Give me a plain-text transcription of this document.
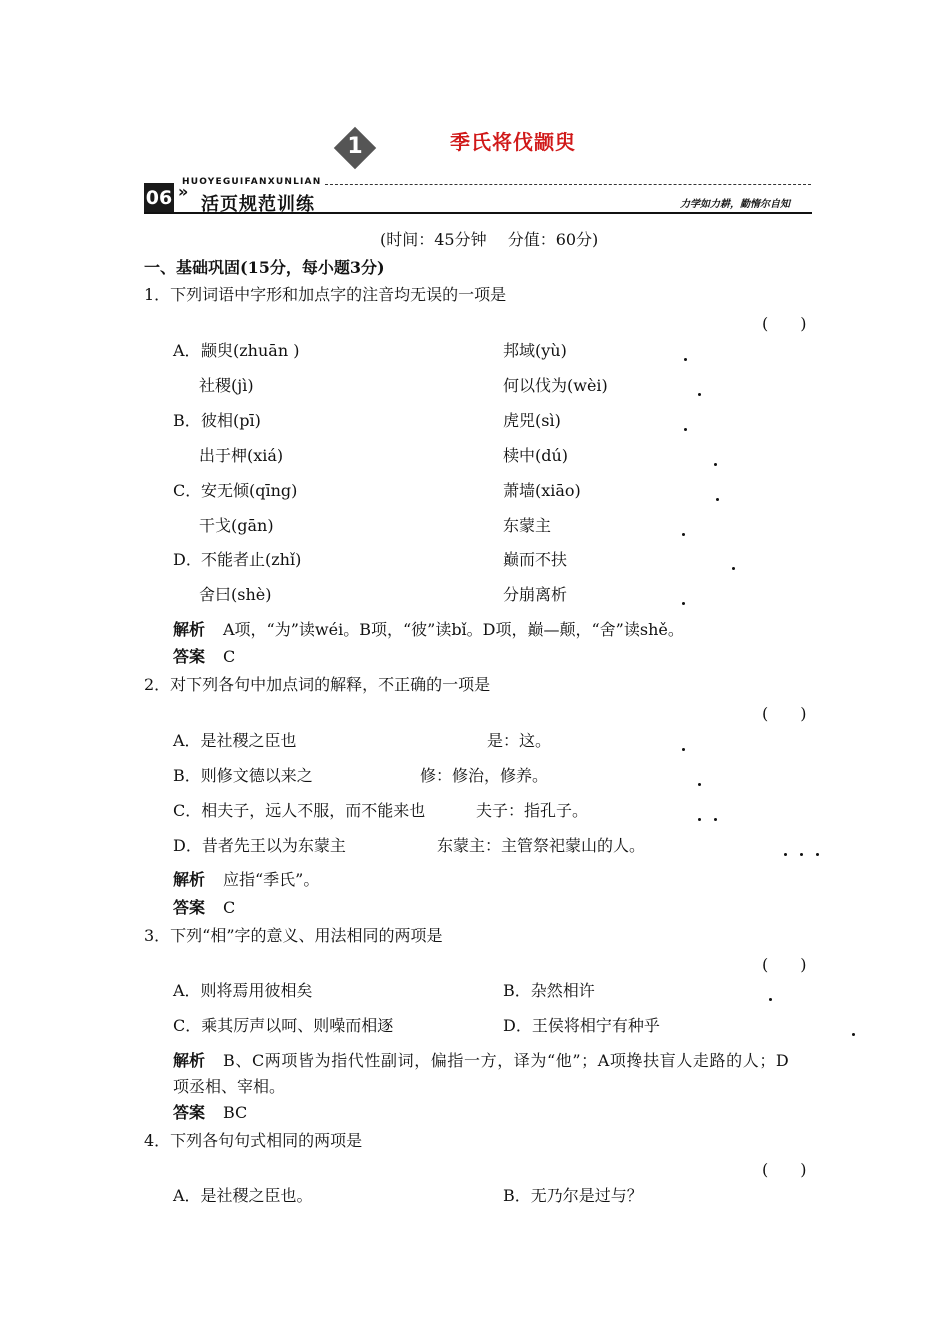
1	季氏将伐颛臾
06 »
HUOYEGUIFANXUNLIAN
活页规范训练	力学如力耕，勤惰尔自知
(时间：45分钟　 分值：60分)
一、基础巩固(15分，每小题3分)
1．下列词语中字形和加点字的注音均无误的一项是
(　　)
A． 颛臾(zhuān )	邦域(yù)
社稷(jì)	何以伐为(wèi)
B． 彼相(pī)	虎兕(sì)
出于柙(xiá)	椟中(dú)
C． 安无倾(qīng)	萧墙(xiāo)
干戈(gān)	东蒙主
D． 不能者止(zhǐ)	巅而不扶
舍曰(shè)	分崩离析
解析 A项，“为”读wéi。B项，“彼”读bǐ。D项，巅—颠，“舍”读shě。
答案 C
2．对下列各句中加点词的解释，不正确的一项是
(　　)
A．是社稷之臣也	是：这。
B．则修文德以来之	修：修治，修养。
C．相夫子，远人不服，而不能来也	夫子：指孔子。
D．昔者先王以为东蒙主	东蒙主：主管祭祀蒙山的人。
解析 应指“季氏”。
答案 C
3．下列“相”字的意义、用法相同的两项是
(　　)
A．则将焉用彼相矣	B．杂然相许
C．乘其厉声以呵、则噪而相逐	D．王侯将相宁有种乎
解析 B、C两项皆为指代性副词，偏指一方，译为“他”；A项搀扶盲人走路的人；D
项丞相、宰相。
答案 BC
4．下列各句句式相同的两项是
(　　)
A．是社稷之臣也。	B．无乃尔是过与？
